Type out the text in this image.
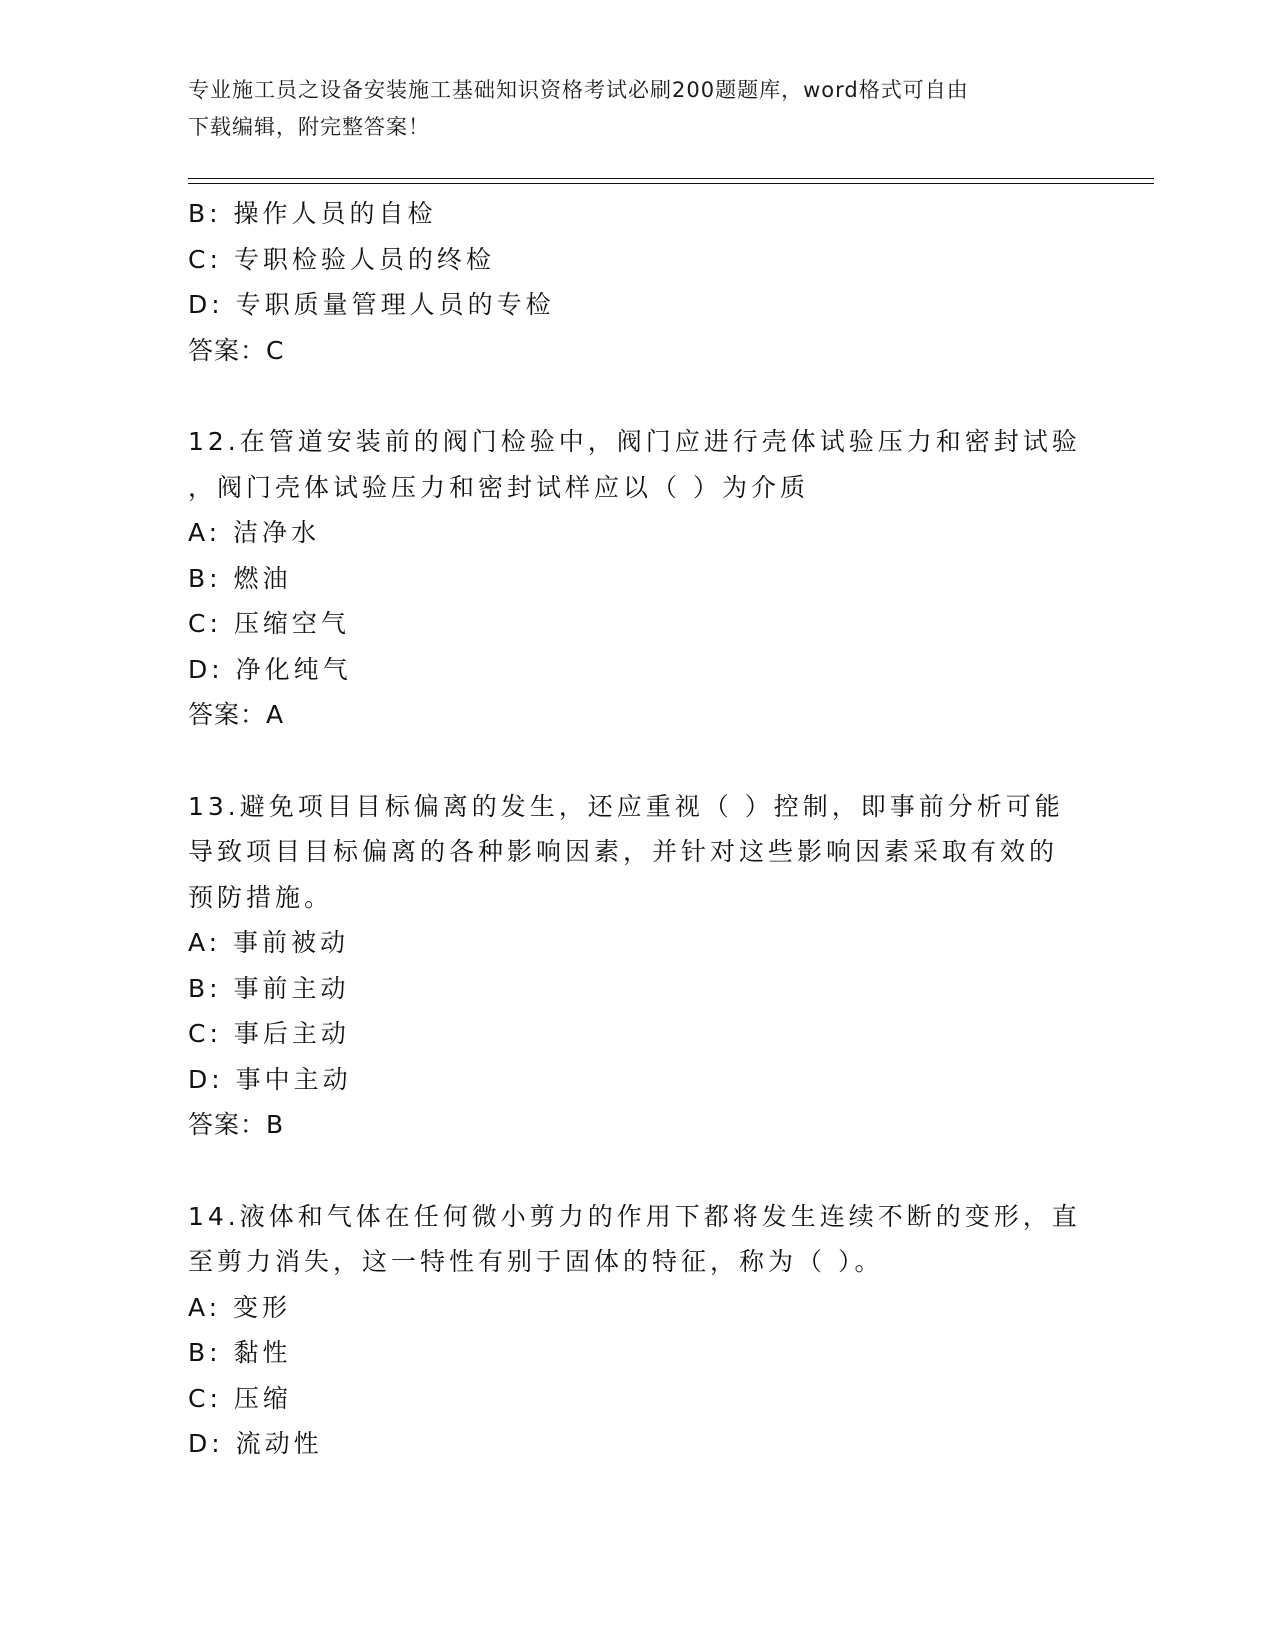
专业施工员之设备安装施工基础知识资格考试必刷200题题库，word格式可自由
下载编辑，附完整答案！
B: 操作人员的自检
C: 专职检验人员的终检
D: 专职质量管理人员的专检
答案：C
12.在管道安装前的阀门检验中，阀门应进行壳体试验压力和密封试验
，阀门壳体试验压力和密封试样应以（ ）为介质
A: 洁净水
B: 燃油
C: 压缩空气
D: 净化纯气
答案：A
13.避免项目目标偏离的发生，还应重视（ ）控制，即事前分析可能
导致项目目标偏离的各种影响因素，并针对这些影响因素采取有效的
预防措施。
A: 事前被动
B: 事前主动
C: 事后主动
D: 事中主动
答案：B
14.液体和气体在任何微小剪力的作用下都将发生连续不断的变形，直
至剪力消失，这一特性有别于固体的特征，称为（ ）。
A: 变形
B: 黏性
C: 压缩
D: 流动性
